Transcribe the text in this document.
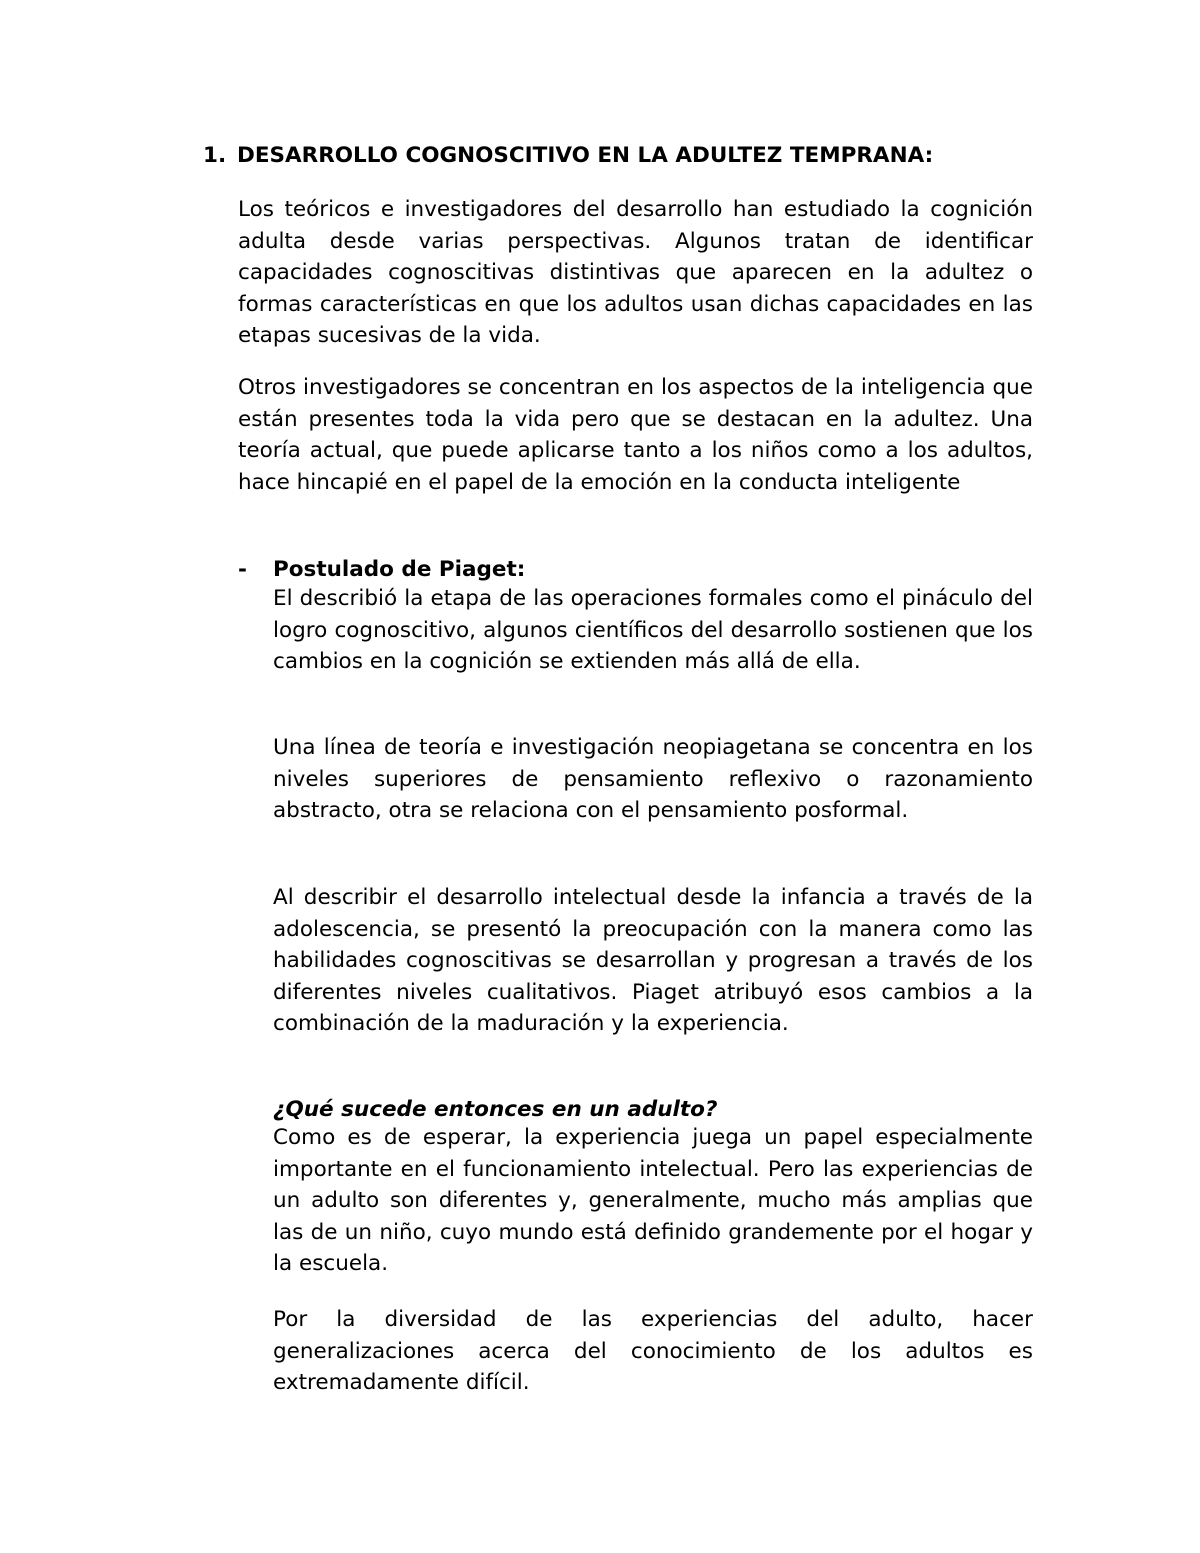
1. DESARROLLO COGNOSCITIVO EN LA ADULTEZ TEMPRANA:

Los teóricos e investigadores del desarrollo han estudiado la cognición adulta desde varias perspectivas. Algunos tratan de identificar capacidades cognoscitivas distintivas que aparecen en la adultez o formas características en que los adultos usan dichas capacidades en las etapas sucesivas de la vida.

Otros investigadores se concentran en los aspectos de la inteligencia que están presentes toda la vida pero que se destacan en la adultez. Una teoría actual, que puede aplicarse tanto a los niños como a los adultos, hace hincapié en el papel de la emoción en la conducta inteligente

- Postulado de Piaget:

El describió la etapa de las operaciones formales como el pináculo del logro cognoscitivo, algunos científicos del desarrollo sostienen que los cambios en la cognición se extienden más allá de ella.

Una línea de teoría e investigación neopiagetana se concentra en los niveles superiores de pensamiento reflexivo o razonamiento abstracto, otra se relaciona con el pensamiento posformal.

Al describir el desarrollo intelectual desde la infancia a través de la adolescencia, se presentó la preocupación con la manera como las habilidades cognoscitivas se desarrollan y progresan a través de los diferentes niveles cualitativos. Piaget atribuyó esos cambios a la combinación de la maduración y la experiencia.

¿Qué sucede entonces en un adulto?

Como es de esperar, la experiencia juega un papel especialmente importante en el funcionamiento intelectual. Pero las experiencias de un adulto son diferentes y, generalmente, mucho más amplias que las de un niño, cuyo mundo está definido grandemente por el hogar y la escuela.

Por la diversidad de las experiencias del adulto, hacer generalizaciones acerca del conocimiento de los adultos es extremadamente difícil.
